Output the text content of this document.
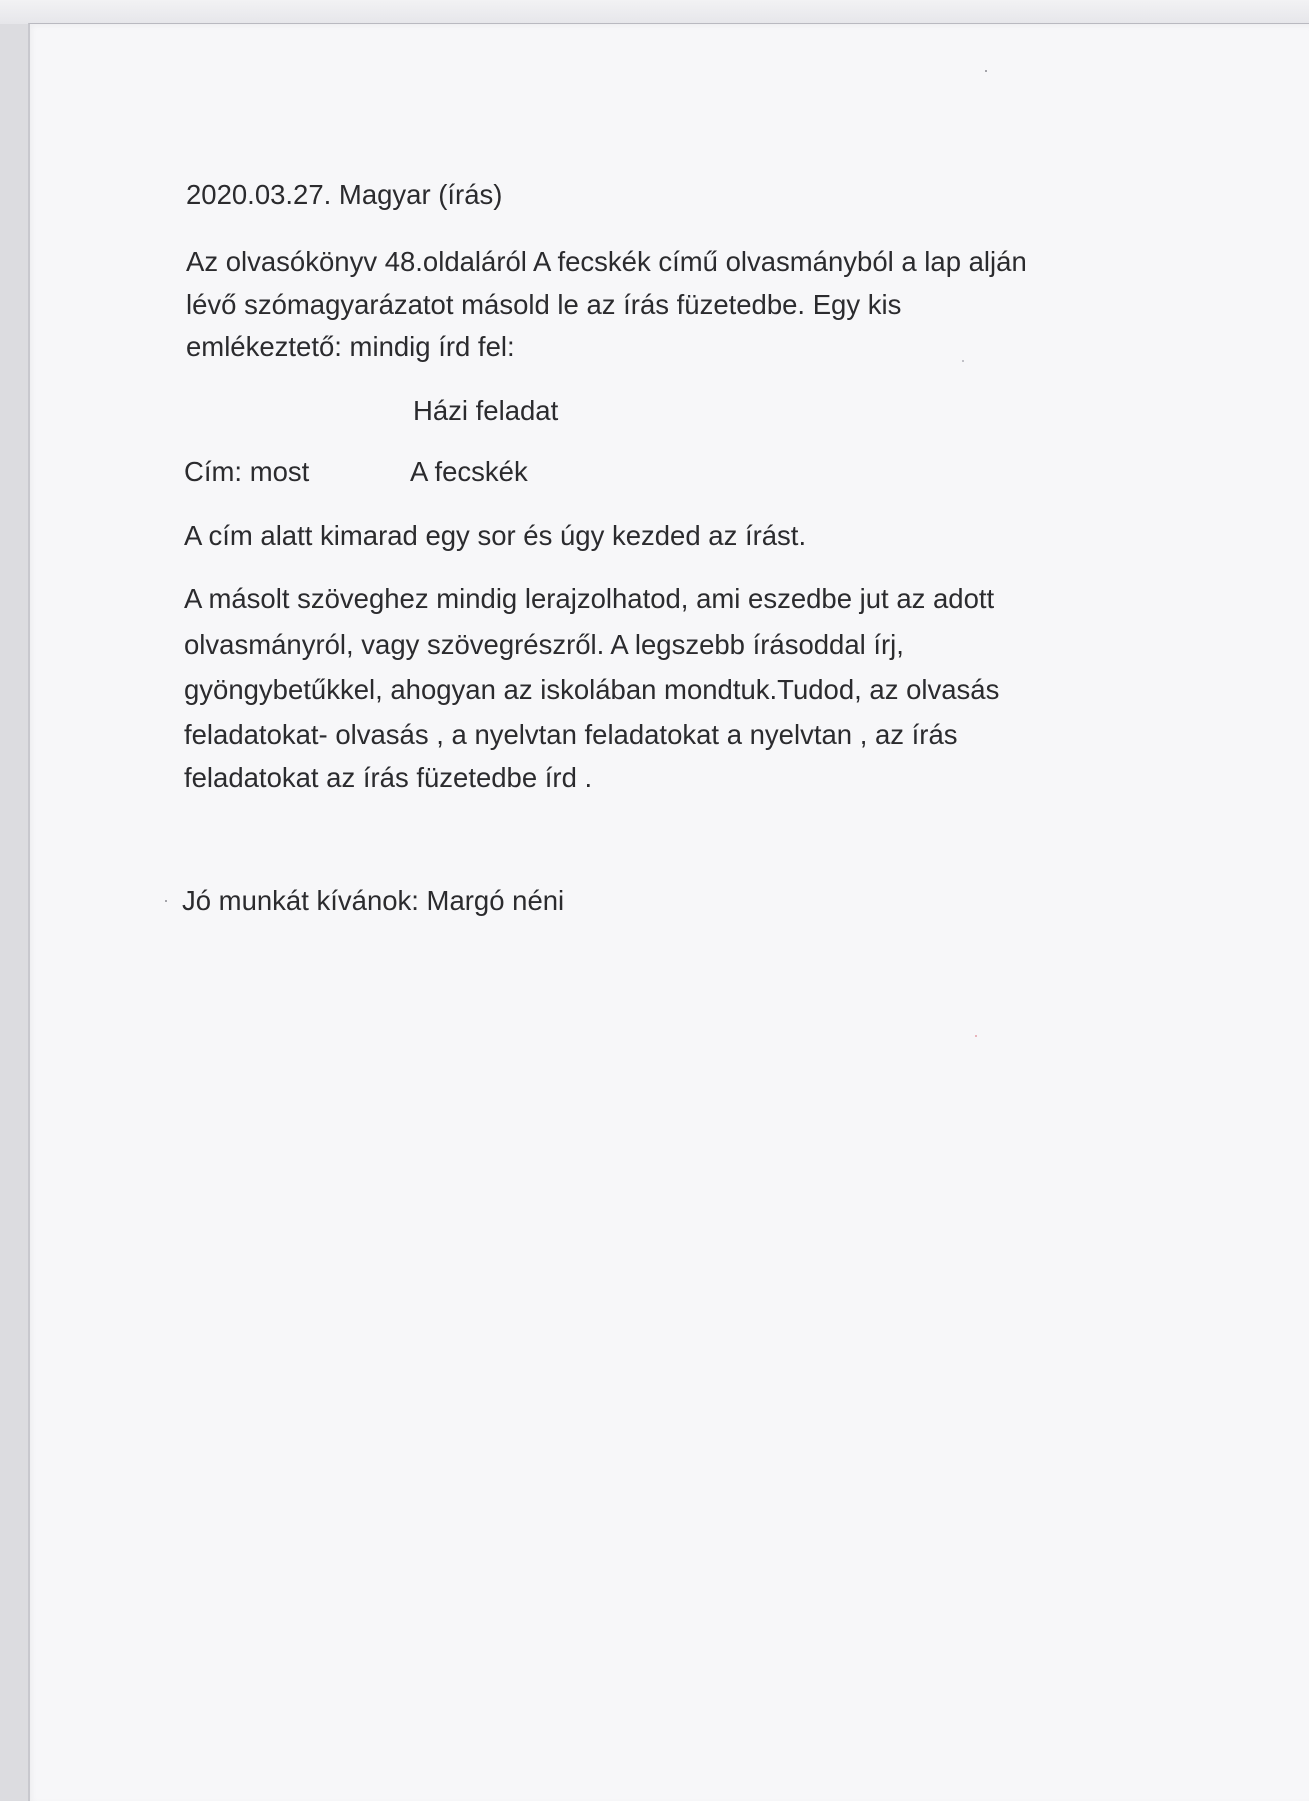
2020.03.27. Magyar (írás)
Az olvasókönyv 48.oldaláról A fecskék című olvasmányból a lap alján
lévő szómagyarázatot másold le az írás füzetedbe. Egy kis
emlékeztető: mindig írd fel:
Házi feladat
Cím: most	A fecskék
A cím alatt kimarad egy sor és úgy kezded az írást.
A másolt szöveghez mindig lerajzolhatod, ami eszedbe jut az adott
olvasmányról, vagy szövegrészről. A legszebb írásoddal írj,
gyöngybetűkkel, ahogyan az iskolában mondtuk.Tudod, az olvasás
feladatokat- olvasás , a nyelvtan feladatokat a nyelvtan , az írás
feladatokat az írás füzetedbe írd .
Jó munkát kívánok: Margó néni
